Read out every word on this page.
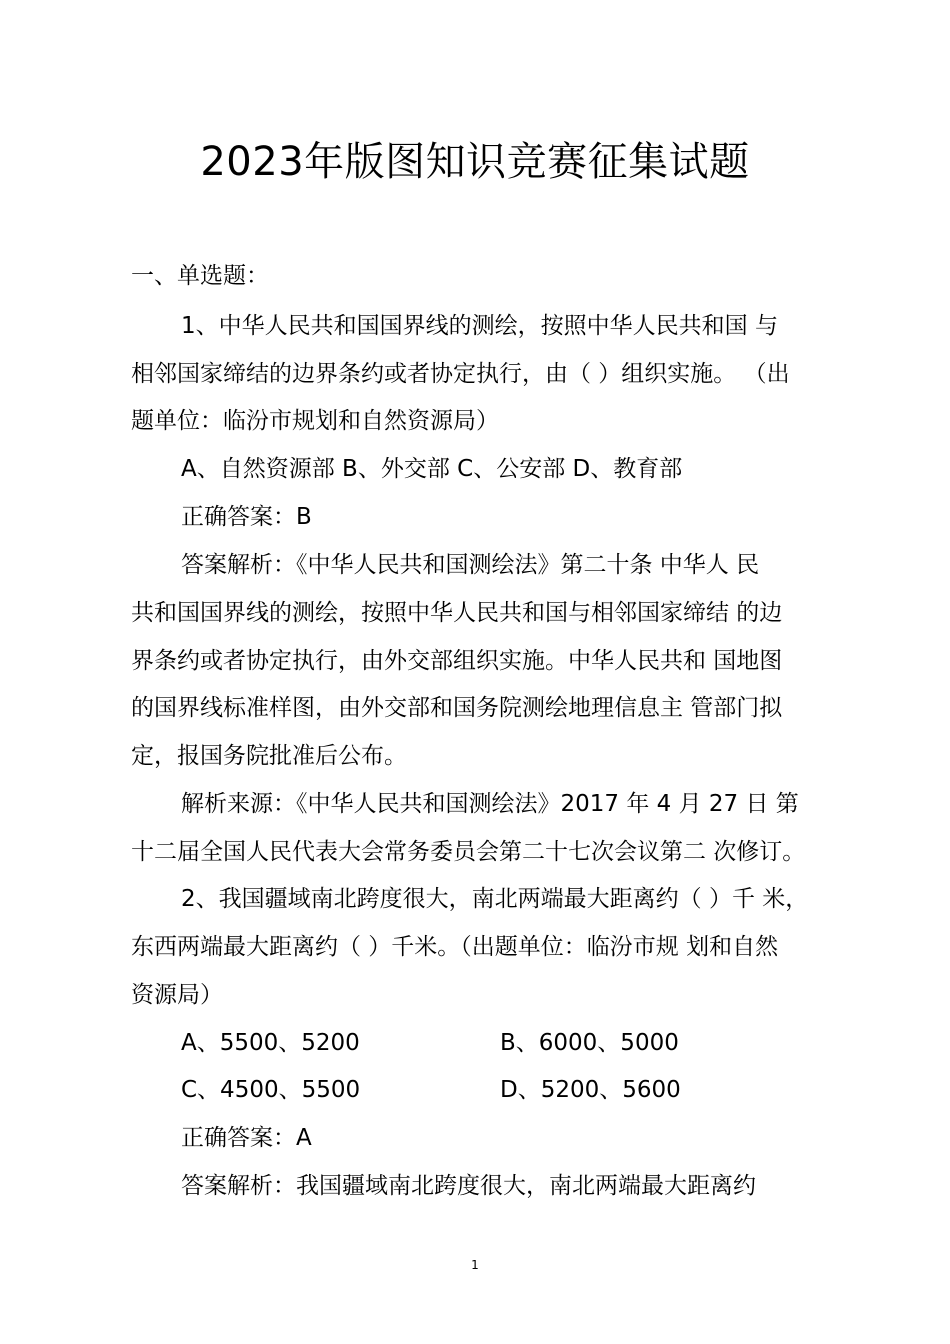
2023年版图知识竞赛征集试题
一、单选题：
1、中华人民共和国国界线的测绘，按照中华人民共和国 与
相邻国家缔结的边界条约或者协定执行，由（ ）组织实施。 （出
题单位：临汾市规划和自然资源局）
A、自然资源部 B、外交部 C、公安部 D、教育部
正确答案：B
答案解析：《中华人民共和国测绘法》第二十条 中华人 民
共和国国界线的测绘，按照中华人民共和国与相邻国家缔结 的边
界条约或者协定执行，由外交部组织实施。中华人民共和 国地图
的国界线标准样图，由外交部和国务院测绘地理信息主 管部门拟
定，报国务院批准后公布。
解析来源：《中华人民共和国测绘法》2017 年 4 月 27 日 第
十二届全国人民代表大会常务委员会第二十七次会议第二 次修订。
2、我国疆域南北跨度很大，南北两端最大距离约（ ）千 米，
东西两端最大距离约（ ）千米。（出题单位：临汾市规 划和自然
资源局）
A、5500、5200	B、6000、5000
C、4500、5500	D、5200、5600
正确答案：A
答案解析：我国疆域南北跨度很大，南北两端最大距离约
1
